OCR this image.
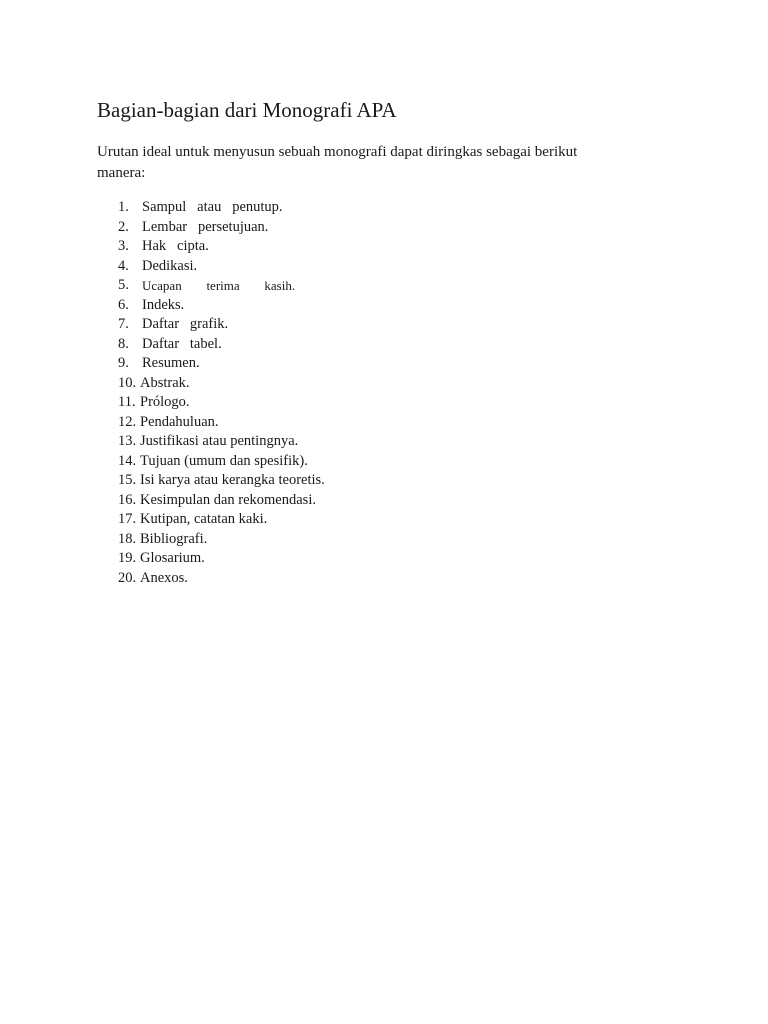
Bagian-bagian dari Monografi APA

Urutan ideal untuk menyusun sebuah monografi dapat diringkas sebagai berikut manera:

1. Sampul   atau   penutup.
2. Lembar   persetujuan.
3. Hak   cipta.
4. Dedikasi.
5.	Ucapan   terima   kasih.
6. Indeks.
7. Daftar   grafik.
8. Daftar   tabel.
9. Resumen.
10. Abstrak.
11. Prólogo.
12. Pendahuluan.
13. Justifikasi atau pentingnya.
14. Tujuan (umum dan spesifik).
15. Isi karya atau kerangka teoretis.
16. Kesimpulan dan rekomendasi.
17. Kutipan, catatan kaki.
18. Bibliografi.
19. Glosarium.
20. Anexos.
